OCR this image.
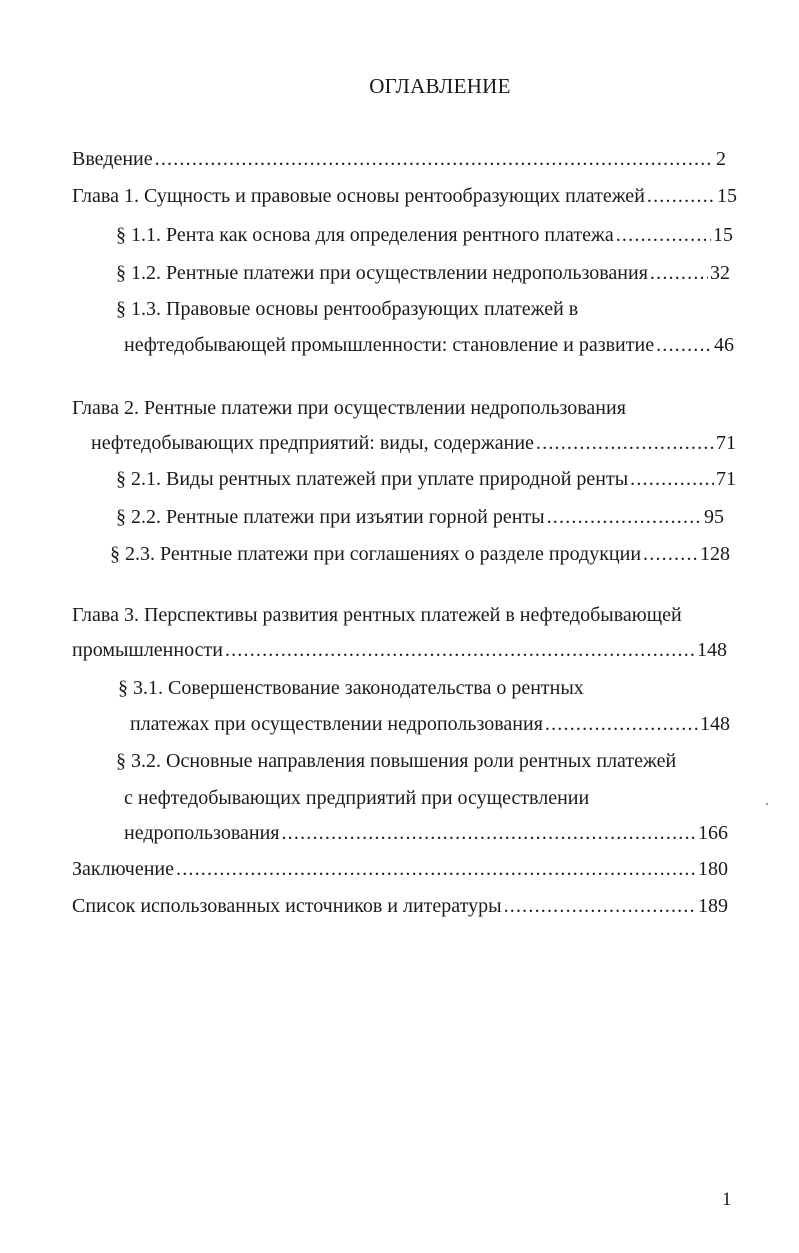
ОГЛАВЛЕНИЕ
Введение .....	2
Глава 1. Сущность и правовые основы рентообразующих платежей .....	15
§ 1.1. Рента как основа для определения рентного платежа .....	15
§ 1.2. Рентные платежи при осуществлении недропользования .....	32
§ 1.3. Правовые основы рентообразующих платежей в
нефтедобывающей промышленности: становление и развитие .....	46
Глава 2. Рентные платежи при осуществлении недропользования
нефтедобывающих предприятий: виды, содержание .....	71
§ 2.1. Виды рентных платежей при уплате природной ренты .....	71
§ 2.2. Рентные платежи при изъятии горной ренты .....	95
§ 2.3. Рентные платежи при соглашениях о разделе продукции .....	128
Глава 3. Перспективы развития рентных платежей в нефтедобывающей
промышленности .....	148
§ 3.1. Совершенствование законодательства о рентных
платежах при осуществлении недропользования .....	148
§ 3.2. Основные направления повышения роли рентных платежей
с нефтедобывающих предприятий при осуществлении
недропользования .....	166
Заключение .....	180
Список использованных источников и литературы .....	189
1
